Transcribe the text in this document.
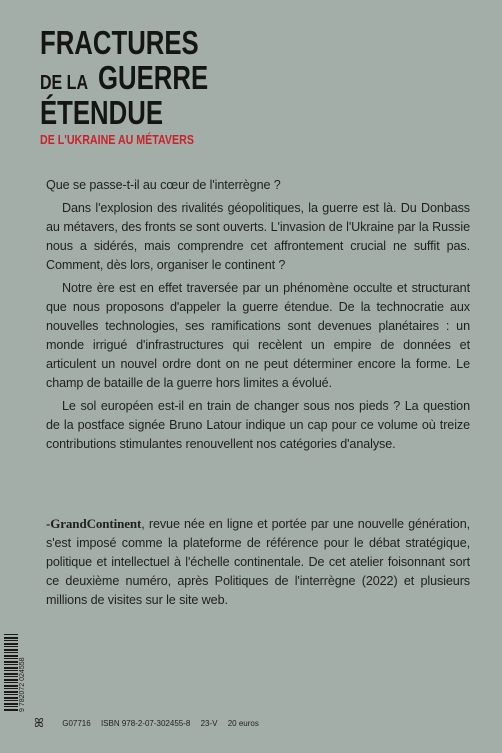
FRACTURES
DE LA GUERRE
ÉTENDUE
DE L'UKRAINE AU MÉTAVERS

Que se passe-t-il au cœur de l'interrègne ?

Dans l'explosion des rivalités géopolitiques, la guerre est là. Du Donbass au métavers, des fronts se sont ouverts. L'invasion de l'Ukraine par la Russie nous a sidérés, mais comprendre cet affrontement crucial ne suffit pas. Comment, dès lors, organiser le continent ?

Notre ère est en effet traversée par un phénomène occulte et structurant que nous proposons d'appeler la guerre étendue. De la technocratie aux nouvelles technologies, ses ramifications sont devenues planétaires : un monde irrigué d'infrastructures qui recèlent un empire de données et articulent un nouvel ordre dont on ne peut déterminer encore la forme. Le champ de bataille de la guerre hors limites a évolué.

Le sol européen est-il en train de changer sous nos pieds ? La question de la postface signée Bruno Latour indique un cap pour ce volume où treize contributions stimulantes renouvellent nos catégories d'analyse.

-GrandContinent, revue née en ligne et portée par une nouvelle génération, s'est imposé comme la plateforme de référence pour le débat stratégique, politique et intellectuel à l'échelle continentale. De cet atelier foisonnant sort ce deuxième numéro, après Politiques de l'interrègne (2022) et plusieurs millions de visites sur le site web.

9 782072 024558
ꕤ G07716 ISBN 978-2-07-302455-8 23-V 20 euros
